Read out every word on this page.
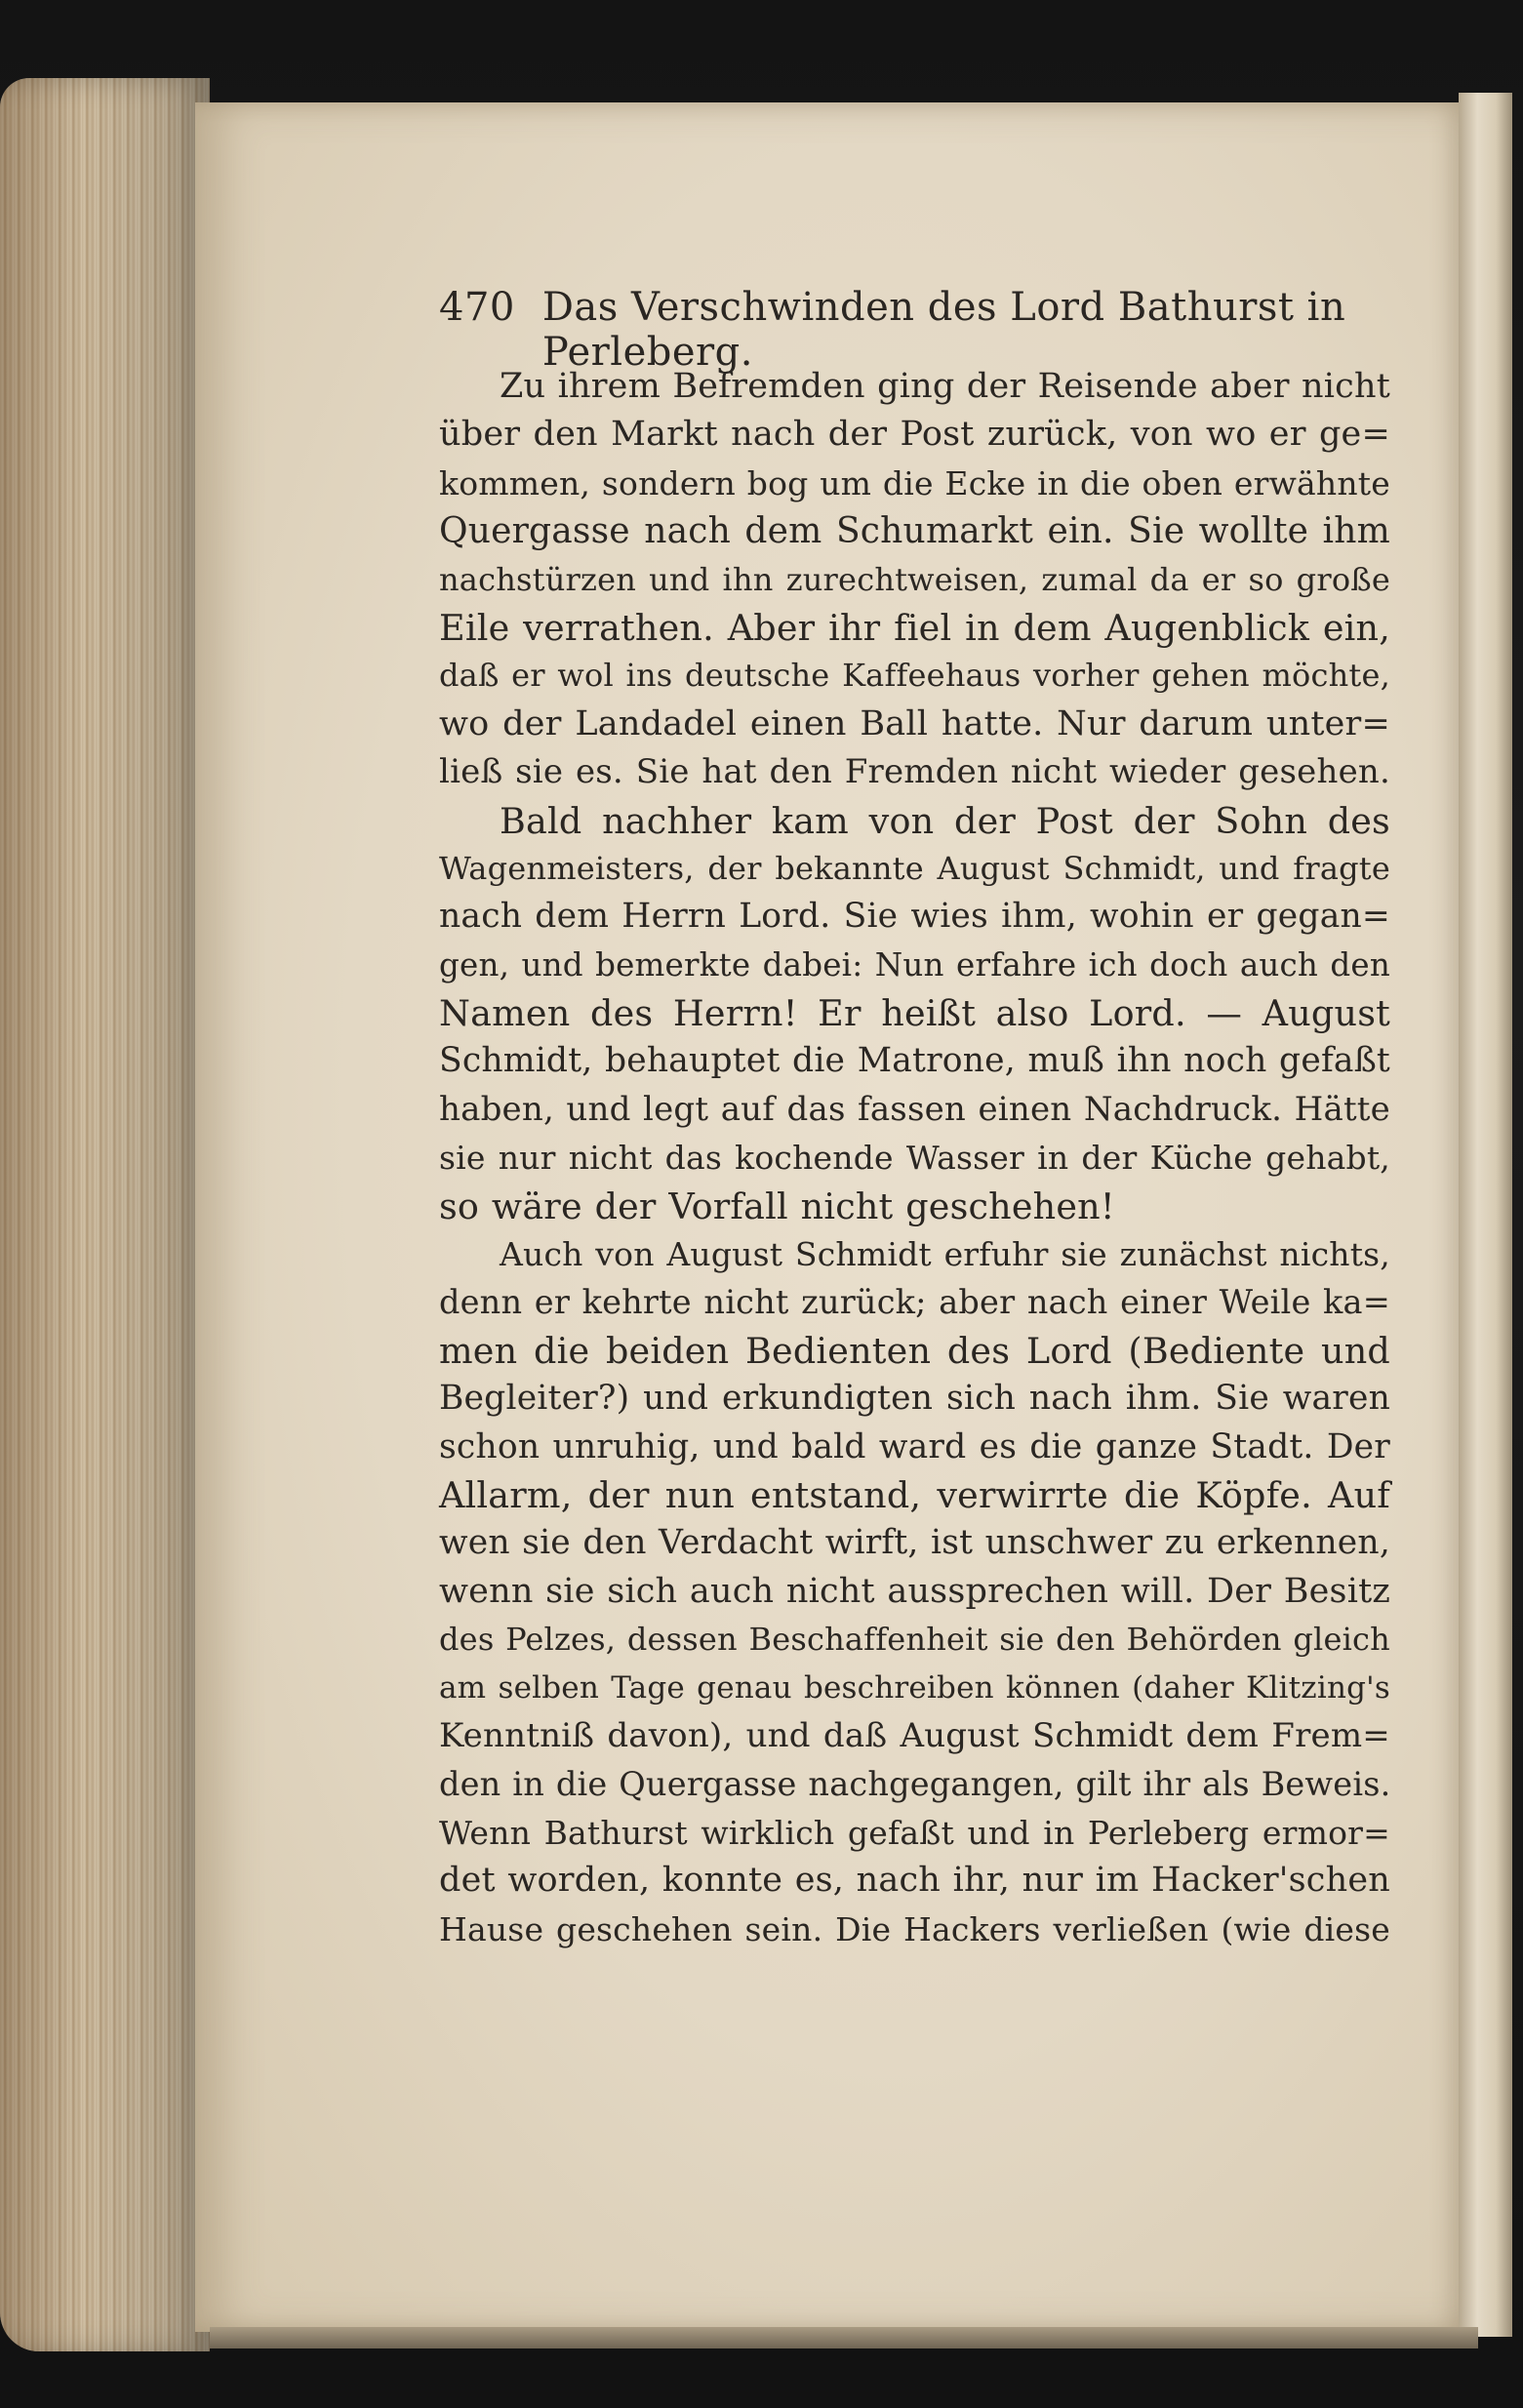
470 Das Verschwinden des Lord Bathurst in Perleberg.
Zu ihrem Befremden ging der Reisende aber nicht
über den Markt nach der Post zurück, von wo er ge=
kommen, sondern bog um die Ecke in die oben erwähnte
Quergasse nach dem Schumarkt ein. Sie wollte ihm
nachstürzen und ihn zurechtweisen, zumal da er so große
Eile verrathen. Aber ihr fiel in dem Augenblick ein,
daß er wol ins deutsche Kaffeehaus vorher gehen möchte,
wo der Landadel einen Ball hatte. Nur darum unter=
ließ sie es. Sie hat den Fremden nicht wieder gesehen.
Bald nachher kam von der Post der Sohn des
Wagenmeisters, der bekannte August Schmidt, und fragte
nach dem Herrn Lord. Sie wies ihm, wohin er gegan=
gen, und bemerkte dabei: Nun erfahre ich doch auch den
Namen des Herrn! Er heißt also Lord. — August
Schmidt, behauptet die Matrone, muß ihn noch gefaßt
haben, und legt auf das fassen einen Nachdruck. Hätte
sie nur nicht das kochende Wasser in der Küche gehabt,
so wäre der Vorfall nicht geschehen!
Auch von August Schmidt erfuhr sie zunächst nichts,
denn er kehrte nicht zurück; aber nach einer Weile ka=
men die beiden Bedienten des Lord (Bediente und
Begleiter?) und erkundigten sich nach ihm. Sie waren
schon unruhig, und bald ward es die ganze Stadt. Der
Allarm, der nun entstand, verwirrte die Köpfe. Auf
wen sie den Verdacht wirft, ist unschwer zu erkennen,
wenn sie sich auch nicht aussprechen will. Der Besitz
des Pelzes, dessen Beschaffenheit sie den Behörden gleich
am selben Tage genau beschreiben können (daher Klitzing's
Kenntniß davon), und daß August Schmidt dem Frem=
den in die Quergasse nachgegangen, gilt ihr als Beweis.
Wenn Bathurst wirklich gefaßt und in Perleberg ermor=
det worden, konnte es, nach ihr, nur im Hacker'schen
Hause geschehen sein. Die Hackers verließen (wie diese
